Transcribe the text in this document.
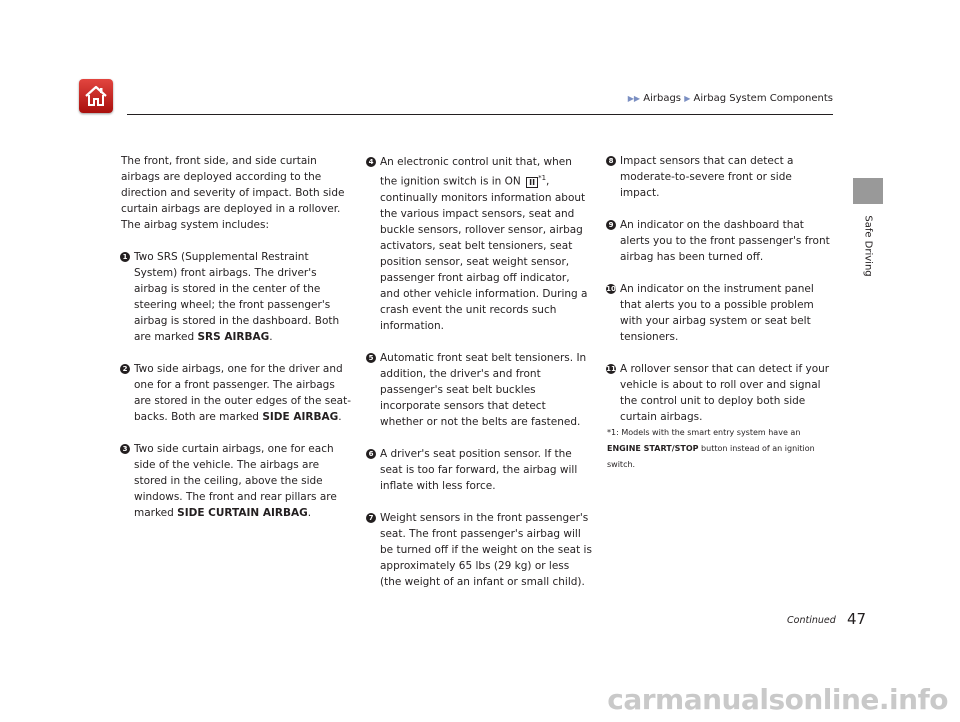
▶▶ Airbags ▶ Airbag System Components
Safe Driving

The front, front side, and side curtain airbags are deployed according to the direction and severity of impact. Both side curtain airbags are deployed in a rollover. The airbag system includes:

1 Two SRS (Supplemental Restraint System) front airbags. The driver's airbag is stored in the center of the steering wheel; the front passenger's airbag is stored in the dashboard. Both are marked SRS AIRBAG.

2 Two side airbags, one for the driver and one for a front passenger. The airbags are stored in the outer edges of the seat-backs. Both are marked SIDE AIRBAG.

3 Two side curtain airbags, one for each side of the vehicle. The airbags are stored in the ceiling, above the side windows. The front and rear pillars are marked SIDE CURTAIN AIRBAG.

4 An electronic control unit that, when the ignition switch is in ON II $^{*1}$, continually monitors information about the various impact sensors, seat and buckle sensors, rollover sensor, airbag activators, seat belt tensioners, seat position sensor, seat weight sensor, passenger front airbag off indicator, and other vehicle information. During a crash event the unit records such information.

5 Automatic front seat belt tensioners. In addition, the driver's and front passenger's seat belt buckles incorporate sensors that detect whether or not the belts are fastened.

6 A driver's seat position sensor. If the seat is too far forward, the airbag will inflate with less force.

7 Weight sensors in the front passenger's seat. The front passenger's airbag will be turned off if the weight on the seat is approximately 65 lbs (29 kg) or less (the weight of an infant or small child).

8 Impact sensors that can detect a moderate-to-severe front or side impact.

9 An indicator on the dashboard that alerts you to the front passenger's front airbag has been turned off.

10 An indicator on the instrument panel that alerts you to a possible problem with your airbag system or seat belt tensioners.

11 A rollover sensor that can detect if your vehicle is about to roll over and signal the control unit to deploy both side curtain airbags.

*1: Models with the smart entry system have an ENGINE START/STOP button instead of an ignition switch.

Continued 47
carmanualsonline.info
